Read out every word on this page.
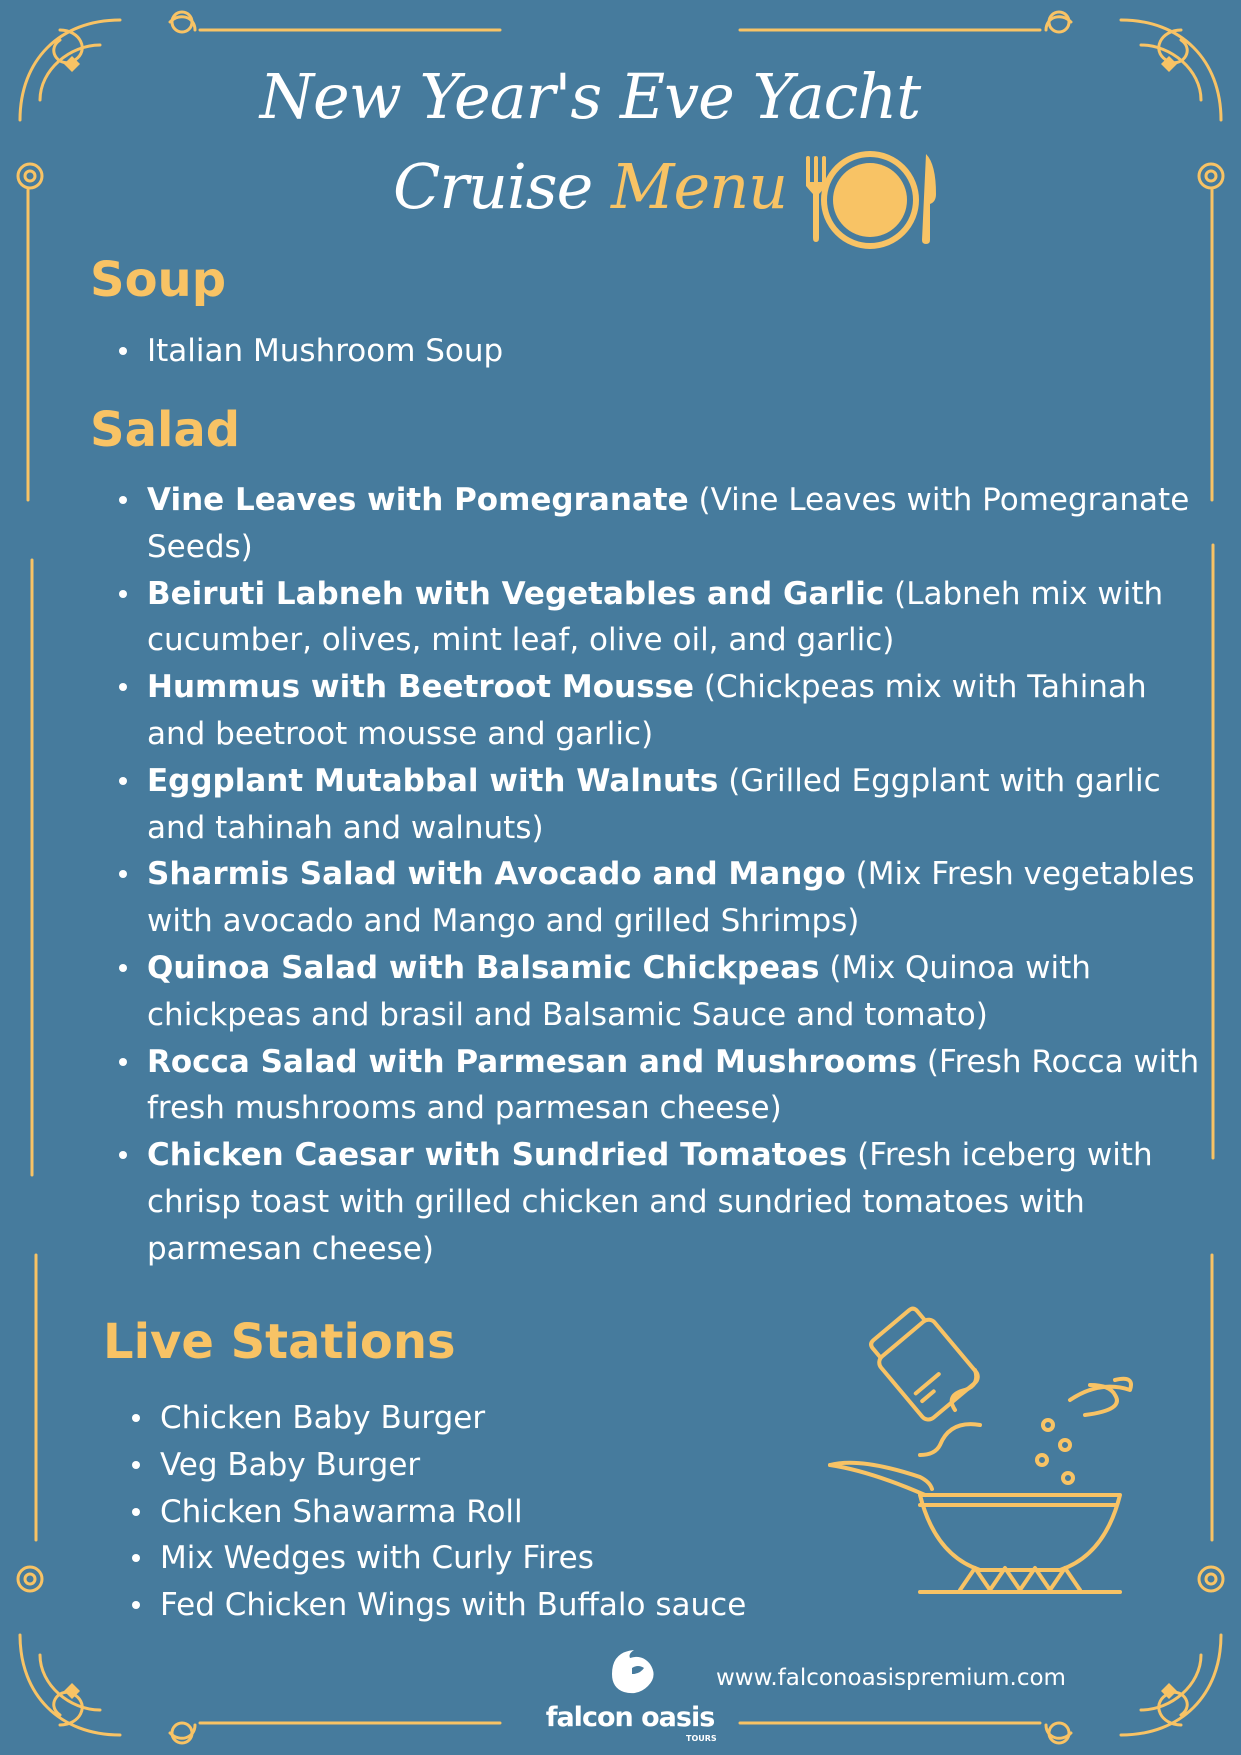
New Year's Eve Yacht
Cruise Menu
Soup
Italian Mushroom Soup
Salad
Vine Leaves with Pomegranate (Vine Leaves with Pomegranate
Seeds)
Beiruti Labneh with Vegetables and Garlic (Labneh mix with
cucumber, olives, mint leaf, olive oil, and garlic)
Hummus with Beetroot Mousse (Chickpeas mix with Tahinah
and beetroot mousse and garlic)
Eggplant Mutabbal with Walnuts (Grilled Eggplant with garlic
and tahinah and walnuts)
Sharmis Salad with Avocado and Mango (Mix Fresh vegetables
with avocado and Mango and grilled Shrimps)
Quinoa Salad with Balsamic Chickpeas (Mix Quinoa with
chickpeas and brasil and Balsamic Sauce and tomato)
Rocca Salad with Parmesan and Mushrooms (Fresh Rocca with
fresh mushrooms and parmesan cheese)
Chicken Caesar with Sundried Tomatoes (Fresh iceberg with
chrisp toast with grilled chicken and sundried tomatoes with
parmesan cheese)
Live Stations
Chicken Baby Burger
Veg Baby Burger
Chicken Shawarma Roll
Mix Wedges with Curly Fires
Fed Chicken Wings with Buffalo sauce
falcon oasis
TOURS
www.falconoasispremium.com
